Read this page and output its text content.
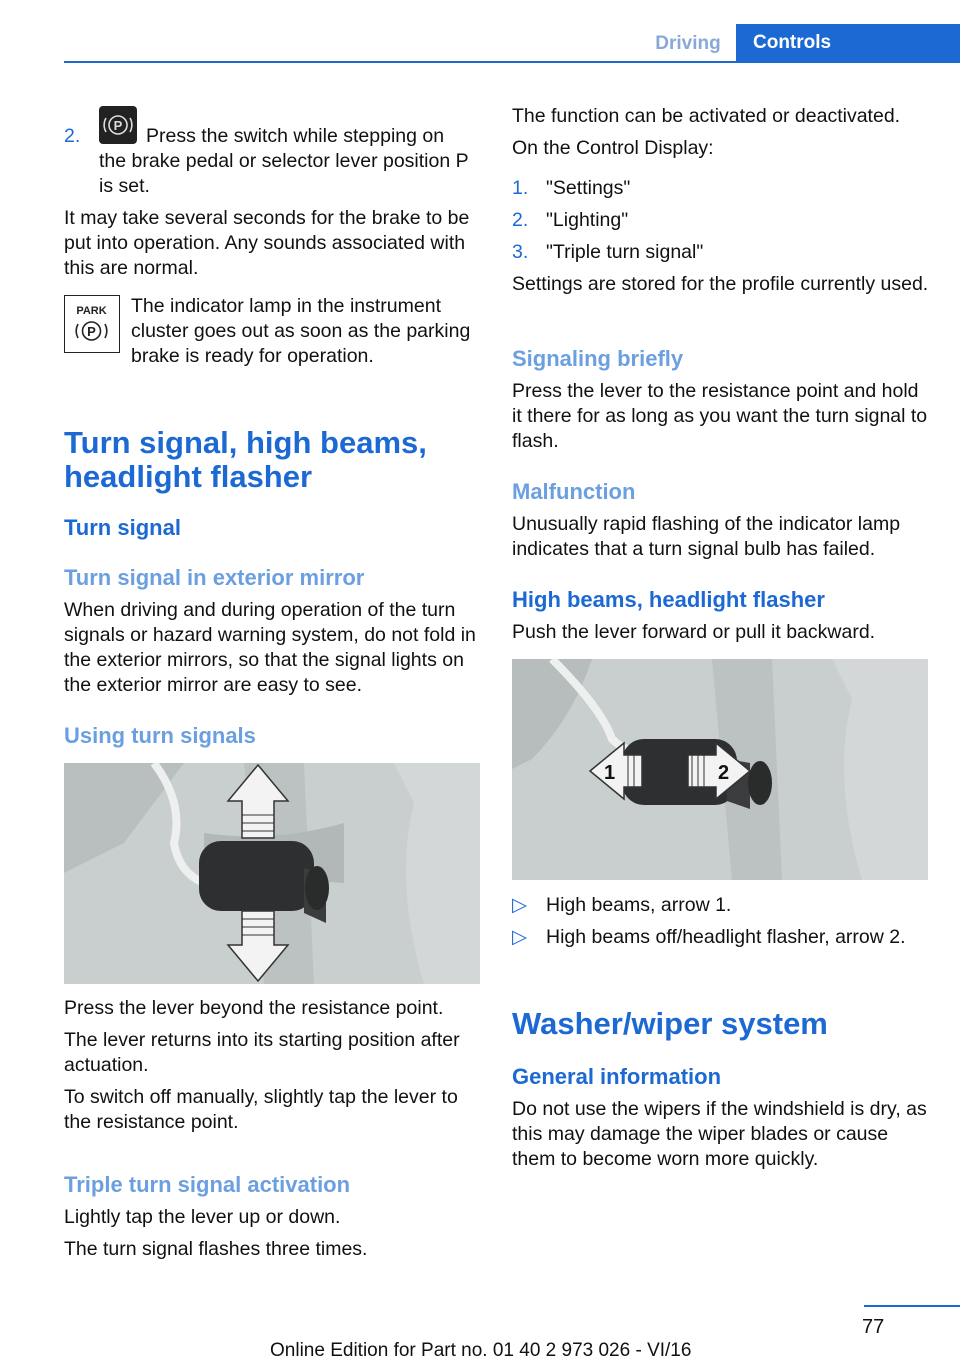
Driving	Controls
2.	P Press the switch while stepping on
the brake pedal or selector lever position P
is set.
It may take several seconds for the brake to be put into operation. Any sounds associated with this are normal.
PARK
P
The indicator lamp in the instrument cluster goes out as soon as the parking brake is ready for operation.
Turn signal, high beams, headlight flasher
Turn signal
Turn signal in exterior mirror
When driving and during operation of the turn signals or hazard warning system, do not fold in the exterior mirrors, so that the signal lights on the exterior mirror are easy to see.
Using turn signals
Press the lever beyond the resistance point.
The lever returns into its starting position after actuation.
To switch off manually, slightly tap the lever to the resistance point.
Triple turn signal activation
Lightly tap the lever up or down.
The turn signal flashes three times.
The function can be activated or deactivated.
On the Control Display:
1. "Settings"
2. "Lighting"
3. "Triple turn signal"
Settings are stored for the profile currently used.
Signaling briefly
Press the lever to the resistance point and hold it there for as long as you want the turn signal to flash.
Malfunction
Unusually rapid flashing of the indicator lamp indicates that a turn signal bulb has failed.
High beams, headlight flasher
Push the lever forward or pull it backward.
1	2
▷ High beams, arrow 1.
▷ High beams off/headlight flasher, arrow 2.
Washer/wiper system
General information
Do not use the wipers if the windshield is dry, as this may damage the wiper blades or cause them to become worn more quickly.
77
Online Edition for Part no. 01 40 2 973 026 - VI/16
